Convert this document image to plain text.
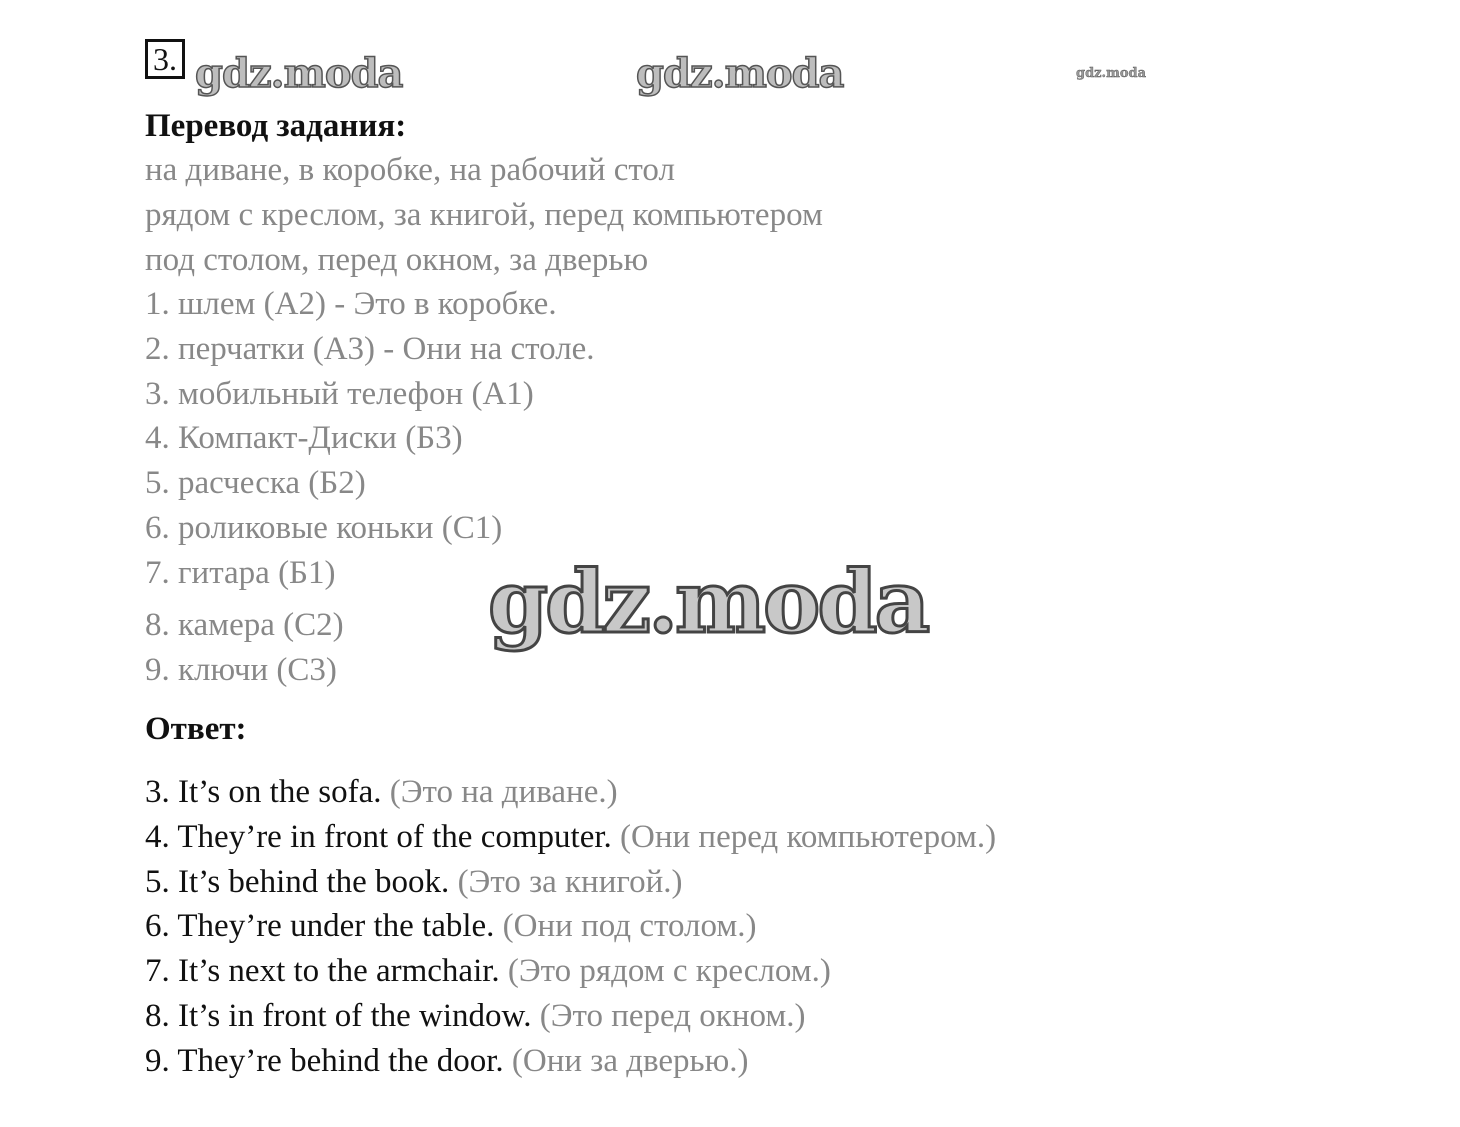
3. gdz.moda	gdz.moda	gdz.moda
Перевод задания:
на диване, в коробке, на рабочий стол
рядом с креслом, за книгой, перед компьютером
под столом, перед окном, за дверью
1. шлем (А2) - Это в коробке.
2. перчатки (А3) - Они на столе.
3. мобильный телефон (А1)
4. Компакт-Диски (Б3)
5. расческа (Б2)
6. роликовые коньки (С1)
7. гитара (Б1)
8. камера (С2)
9. ключи (С3)
gdz.moda
Ответ:
3. It’s on the sofa. (Это на диване.)
4. They’re in front of the computer. (Они перед компьютером.)
5. It’s behind the book. (Это за книгой.)
6. They’re under the table. (Они под столом.)
7. It’s next to the armchair. (Это рядом с креслом.)
8. It’s in front of the window. (Это перед окном.)
9. They’re behind the door. (Они за дверью.)
